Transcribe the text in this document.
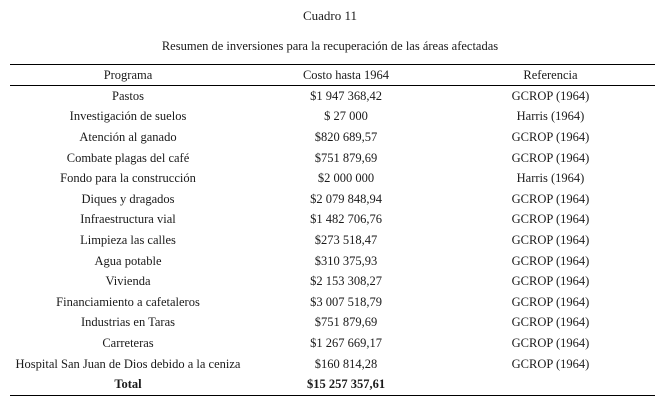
Cuadro 11
Resumen de inversiones para la recuperación de las áreas afectadas
Programa	Costo hasta 1964	Referencia
Pastos	$1 947 368,42	GCROP (1964)
Investigación de suelos	$ 27 000	Harris (1964)
Atención al ganado	$820 689,57	GCROP (1964)
Combate plagas del café	$751 879,69	GCROP (1964)
Fondo para la construcción	$2 000 000	Harris (1964)
Diques y dragados	$2 079 848,94	GCROP (1964)
Infraestructura vial	$1 482 706,76	GCROP (1964)
Limpieza las calles	$273 518,47	GCROP (1964)
Agua potable	$310 375,93	GCROP (1964)
Vivienda	$2 153 308,27	GCROP (1964)
Financiamiento a cafetaleros	$3 007 518,79	GCROP (1964)
Industrias en Taras	$751 879,69	GCROP (1964)
Carreteras	$1 267 669,17	GCROP (1964)
Hospital San Juan de Dios debido a la ceniza	$160 814,28	GCROP (1964)
Total	$15 257 357,61	
